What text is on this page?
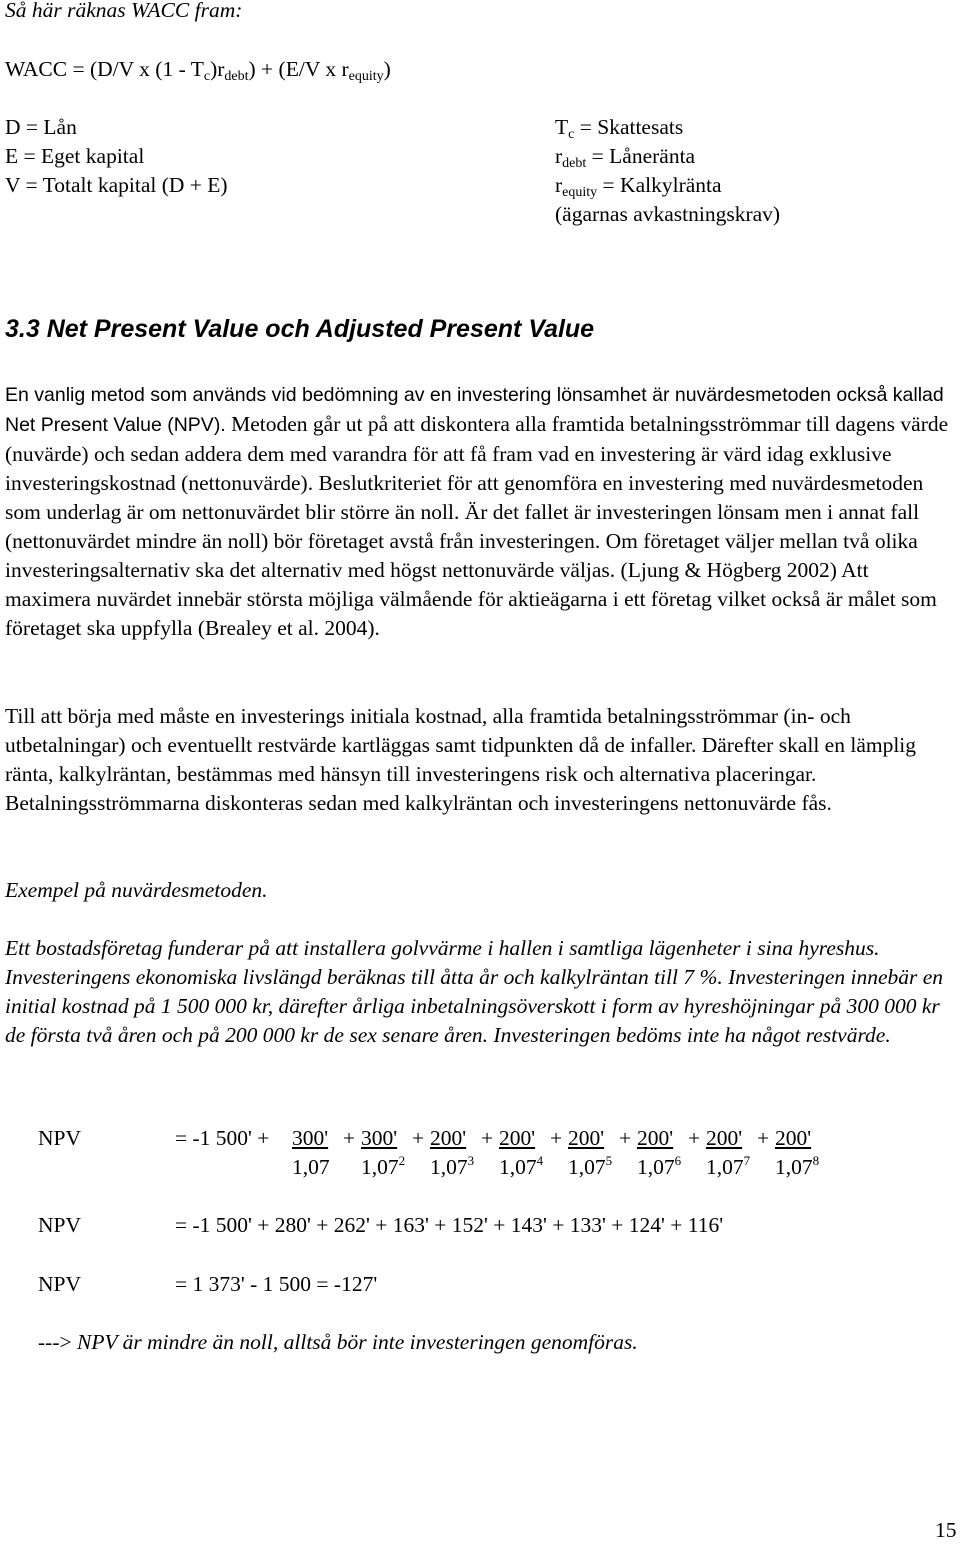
Så här räknas WACC fram:
WACC = (D/V x $(1 - T_c)r_{debt}) + (E/V$ x $r_{equity}$)
D = Lån
E = Eget kapital
V = Totalt kapital (D + E)
$T_c$ = Skattesats
$r_{debt}$ = Låneränta
$r_{equity}$ = Kalkylränta
(ägarnas avkastningskrav)
3.3 Net Present Value och Adjusted Present Value

En vanlig metod som används vid bedömning av en investering lönsamhet är nuvärdesmetoden också kallad Net Present Value (NPV). Metoden går ut på att diskontera alla framtida betalningsströmmar till dagens värde (nuvärde) och sedan addera dem med varandra för att få fram vad en investering är värd idag exklusive investeringskostnad (nettonuvärde). Beslutkriteriet för att genomföra en investering med nuvärdesmetoden som underlag är om nettonuvärdet blir större än noll. Är det fallet är investeringen lönsam men i annat fall (nettonuvärdet mindre än noll) bör företaget avstå från investeringen. Om företaget väljer mellan två olika investeringsalternativ ska det alternativ med högst nettonuvärde väljas. (Ljung & Högberg 2002) Att maximera nuvärdet innebär största möjliga välmående för aktieägarna i ett företag vilket också är målet som företaget ska uppfylla (Brealey et al. 2004).

Till att börja med måste en investerings initiala kostnad, alla framtida betalningsströmmar (in- och utbetalningar) och eventuellt restvärde kartläggas samt tidpunkten då de infaller. Därefter skall en lämplig ränta, kalkylräntan, bestämmas med hänsyn till investeringens risk och alternativa placeringar. Betalningsströmmarna diskonteras sedan med kalkylräntan och investeringens nettonuvärde fås.

Exempel på nuvärdesmetoden.

Ett bostadsföretag funderar på att installera golvvärme i hallen i samtliga lägenheter i sina hyreshus. Investeringens ekonomiska livslängd beräknas till åtta år och kalkylräntan till 7 %. Investeringen innebär en initial kostnad på 1 500 000 kr, därefter årliga inbetalningsöverskott i form av hyreshöjningar på 300 000 kr de första två åren och på 200 000 kr de sex senare åren. Investeringen bedöms inte ha något restvärde.

NPV	= -1 500' + 300'
1,07
+ 300'
$1,07^2$
+ 200'
$1,07^3$
+ 200'
$1,07^4$
+ 200'
$1,07^5$
+ 200'
$1,07^6$
+ 200'
$1,07^7$
+ 200'
1,07$^8$
NPV	= -1 500' + 280' + 262' + 163' + 152' + 143' + 133' + 124' + 116'
NPV	= 1 373' - 1 500 = -127'
---> NPV är mindre än noll, alltså bör inte investeringen genomföras.
15
